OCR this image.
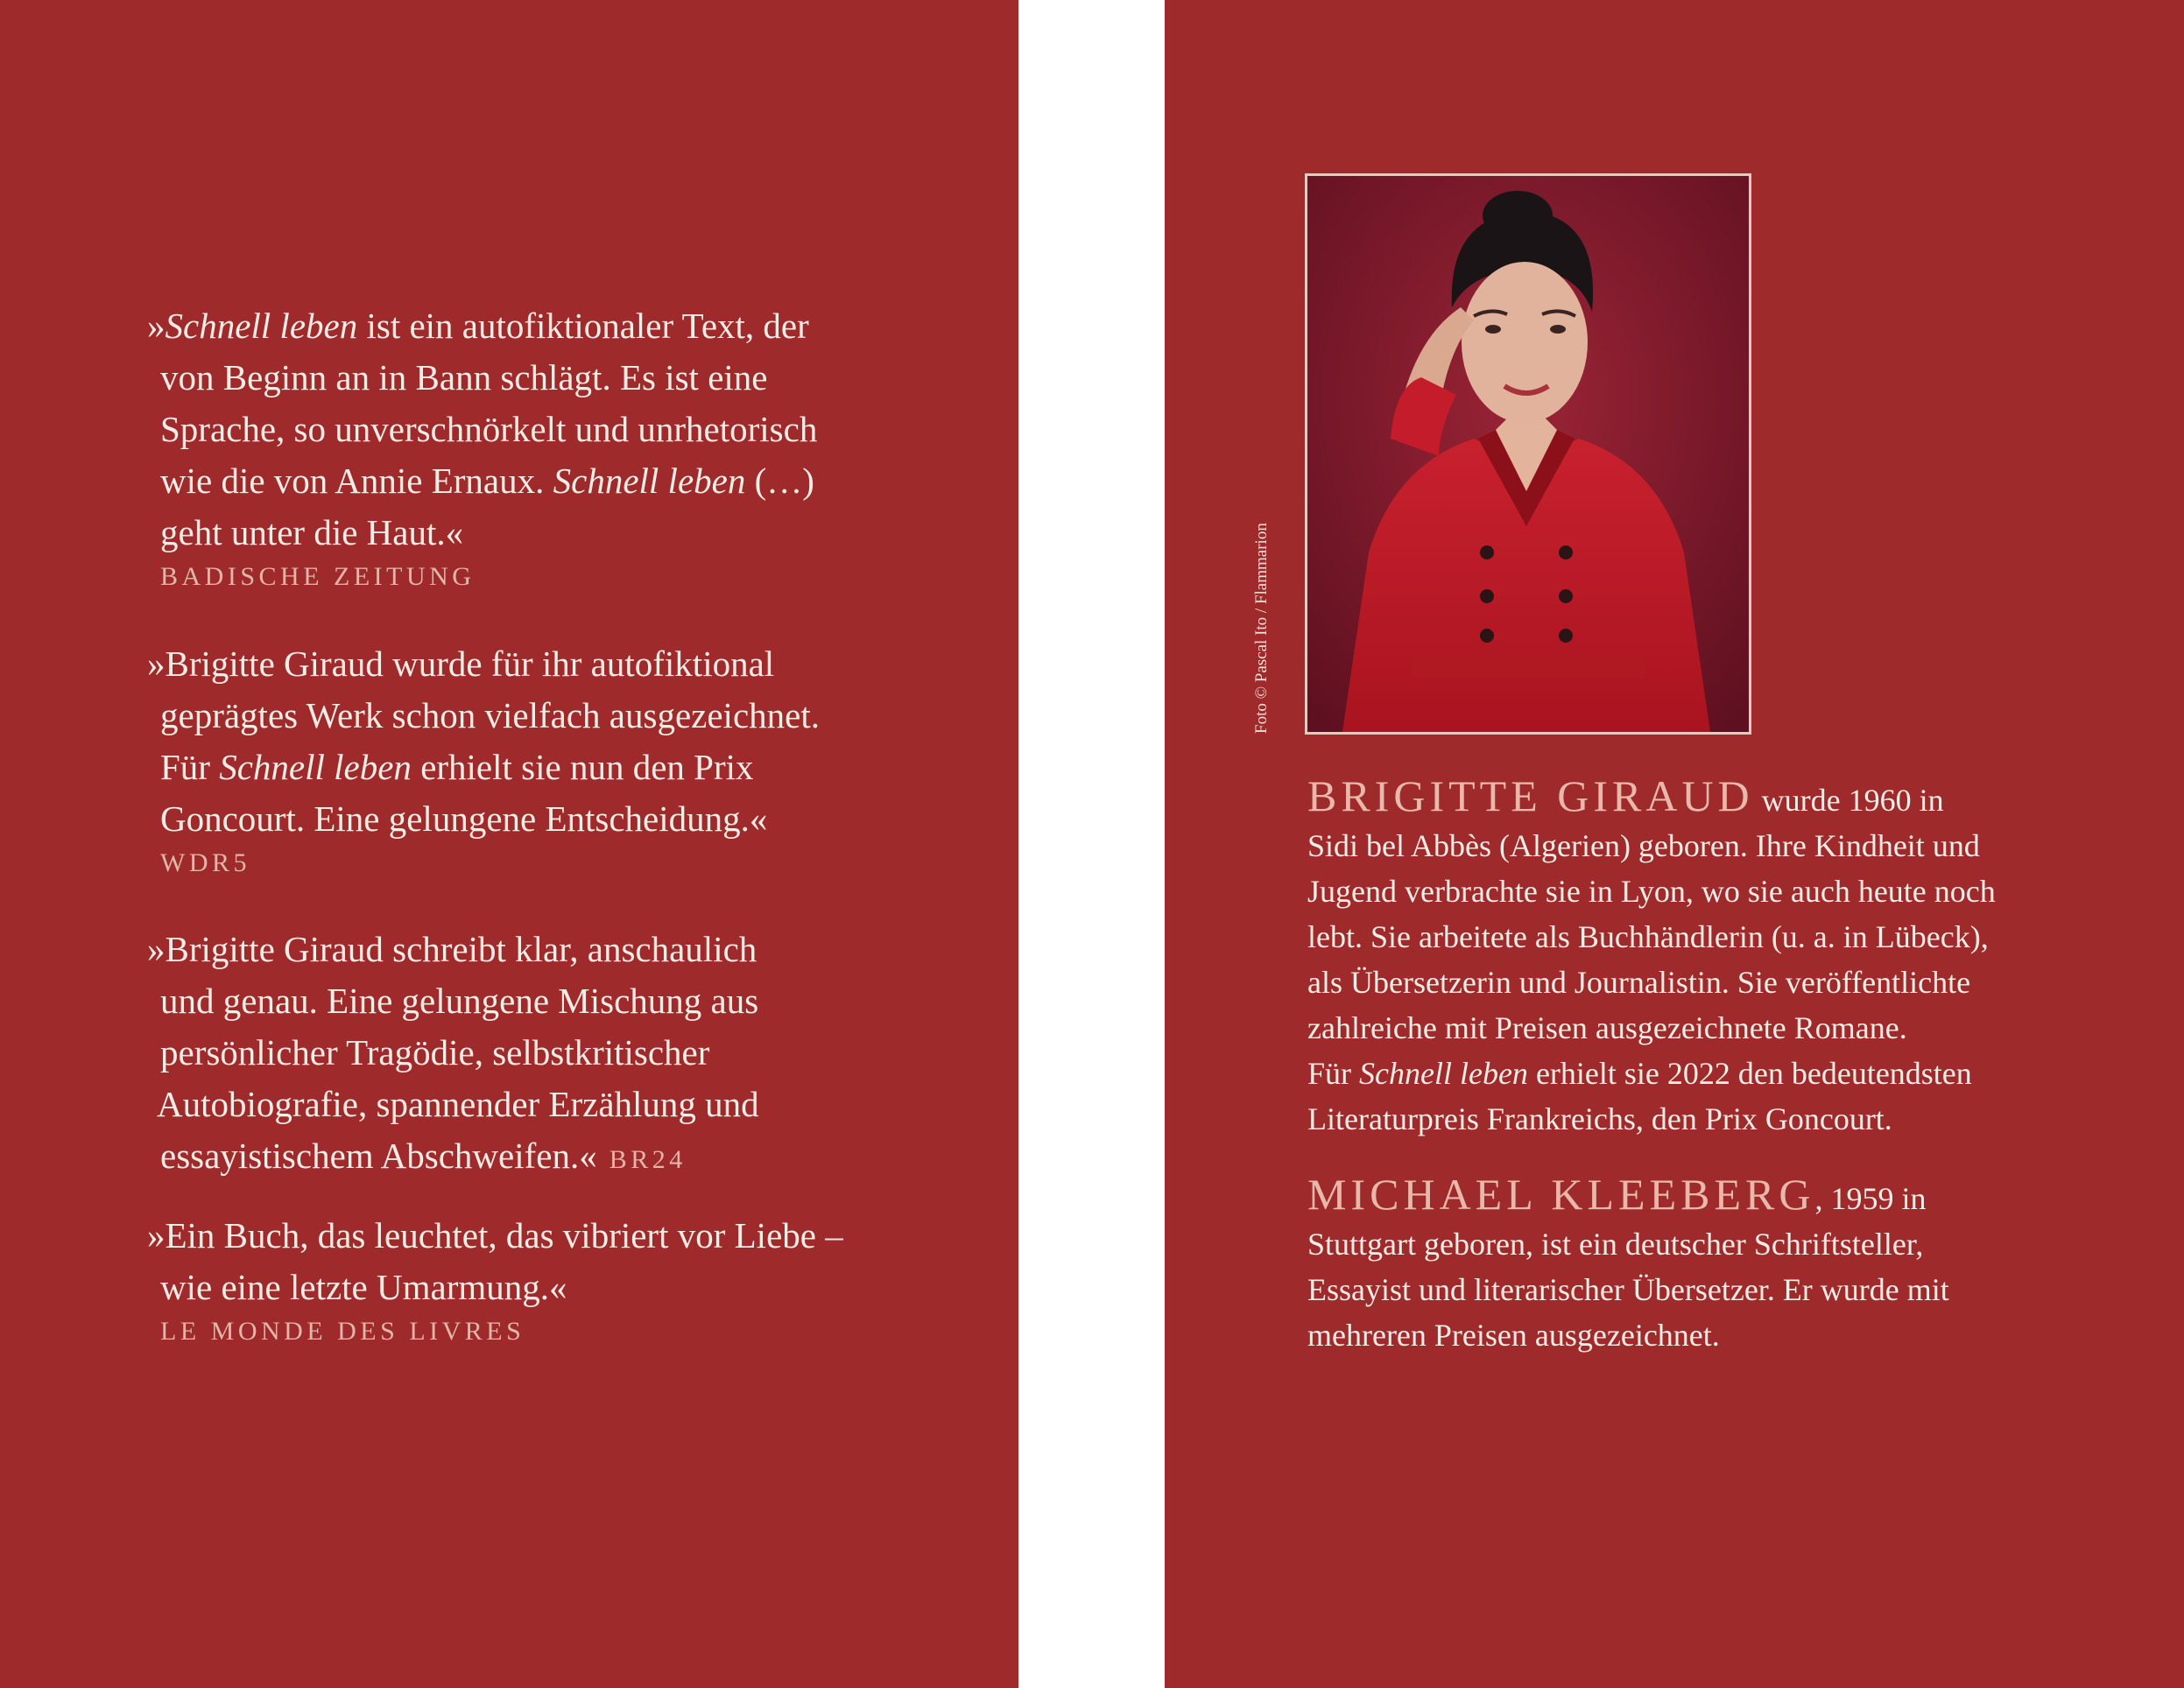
»Schnell leben ist ein autofiktionaler Text, der
von Beginn an in Bann schlägt. Es ist eine
Sprache, so unverschnörkelt und unrhetorisch
wie die von Annie Ernaux. Schnell leben (…)
geht unter die Haut.«
BADISCHE ZEITUNG
»Brigitte Giraud wurde für ihr autofiktional
geprägtes Werk schon vielfach ausgezeichnet.
Für Schnell leben erhielt sie nun den Prix
Goncourt. Eine gelungene Entscheidung.«
WDR5
»Brigitte Giraud schreibt klar, anschaulich
und genau. Eine gelungene Mischung aus
persönlicher Tragödie, selbstkritischer
Autobiografie, spannender Erzählung und
essayistischem Abschweifen.« BR24
»Ein Buch, das leuchtet, das vibriert vor Liebe –
wie eine letzte Umarmung.«
LE MONDE DES LIVRES
Foto © Pascal Ito / Flammarion
BRIGITTE GIRAUD wurde 1960 in
Sidi bel Abbès (Algerien) geboren. Ihre Kindheit und
Jugend verbrachte sie in Lyon, wo sie auch heute noch
lebt. Sie arbeitete als Buchhändlerin (u. a. in Lübeck),
als Übersetzerin und Journalistin. Sie veröffentlichte
zahlreiche mit Preisen ausgezeichnete Romane.
Für Schnell leben erhielt sie 2022 den bedeutendsten
Literaturpreis Frankreichs, den Prix Goncourt.
MICHAEL KLEEBERG, 1959 in
Stuttgart geboren, ist ein deutscher Schriftsteller,
Essayist und literarischer Übersetzer. Er wurde mit
mehreren Preisen ausgezeichnet.
